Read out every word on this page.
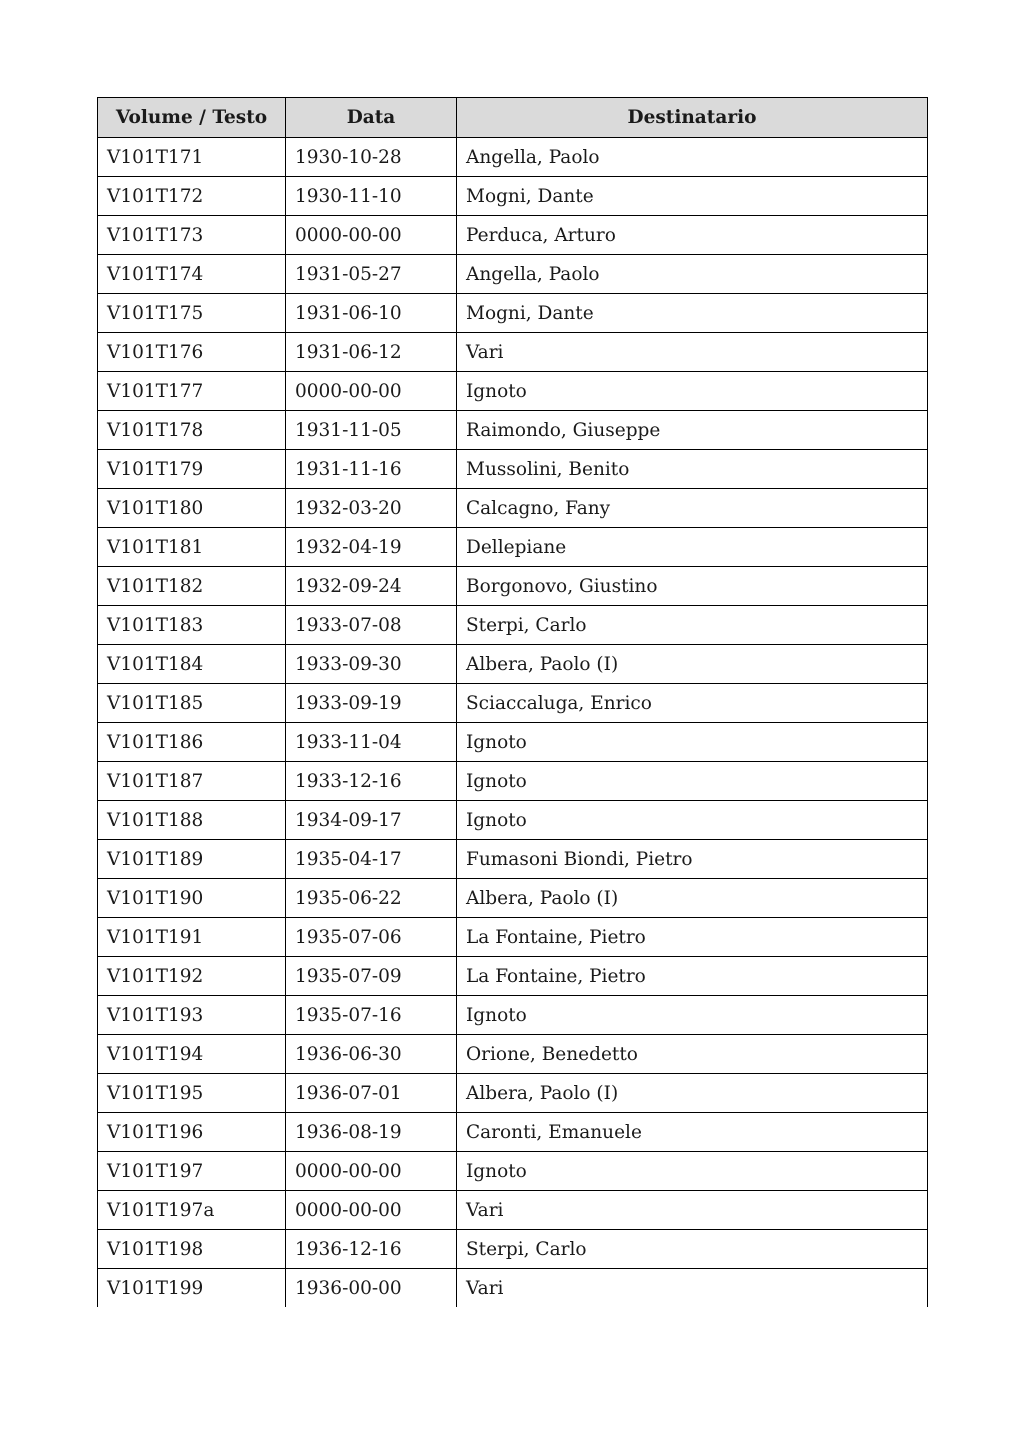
Volume / Testo	Data	Destinatario
V101T171	1930-10-28	Angella, Paolo
V101T172	1930-11-10	Mogni, Dante
V101T173	0000-00-00	Perduca, Arturo
V101T174	1931-05-27	Angella, Paolo
V101T175	1931-06-10	Mogni, Dante
V101T176	1931-06-12	Vari
V101T177	0000-00-00	Ignoto
V101T178	1931-11-05	Raimondo, Giuseppe
V101T179	1931-11-16	Mussolini, Benito
V101T180	1932-03-20	Calcagno, Fany
V101T181	1932-04-19	Dellepiane
V101T182	1932-09-24	Borgonovo, Giustino
V101T183	1933-07-08	Sterpi, Carlo
V101T184	1933-09-30	Albera, Paolo (I)
V101T185	1933-09-19	Sciaccaluga, Enrico
V101T186	1933-11-04	Ignoto
V101T187	1933-12-16	Ignoto
V101T188	1934-09-17	Ignoto
V101T189	1935-04-17	Fumasoni Biondi, Pietro
V101T190	1935-06-22	Albera, Paolo (I)
V101T191	1935-07-06	La Fontaine, Pietro
V101T192	1935-07-09	La Fontaine, Pietro
V101T193	1935-07-16	Ignoto
V101T194	1936-06-30	Orione, Benedetto
V101T195	1936-07-01	Albera, Paolo (I)
V101T196	1936-08-19	Caronti, Emanuele
V101T197	0000-00-00	Ignoto
V101T197a	0000-00-00	Vari
V101T198	1936-12-16	Sterpi, Carlo
V101T199	1936-00-00	Vari
